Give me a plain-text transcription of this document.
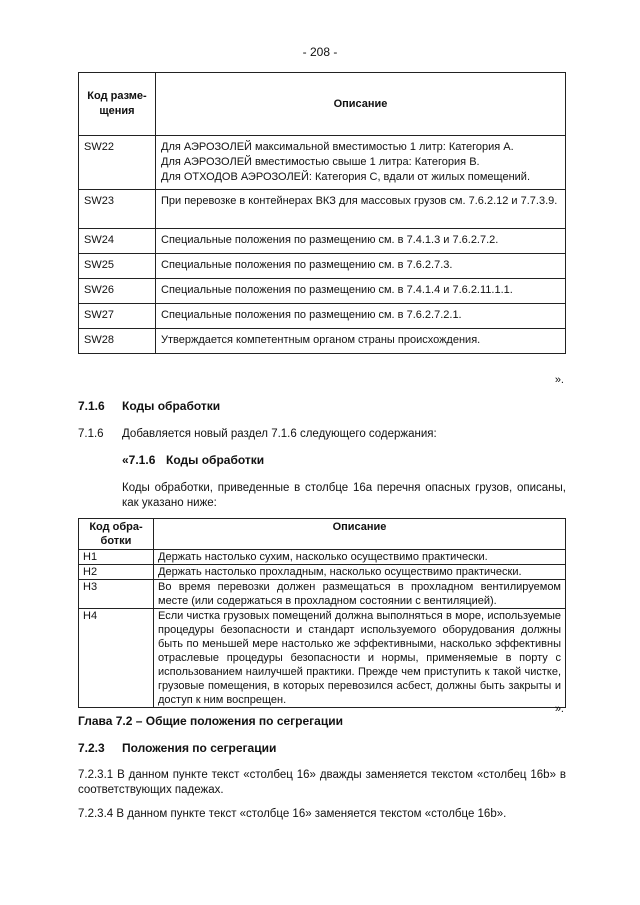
- 208 -
Код разме-щения	Описание
SW22	Для АЭРОЗОЛЕЙ максимальной вместимостью 1 литр: Категория А.
Для АЭРОЗОЛЕЙ вместимостью свыше 1 литра: Категория В.
Для ОТХОДОВ АЭРОЗОЛЕЙ: Категория С, вдали от жилых помещений.

SW23	При перевозке в контейнерах ВКЗ для массовых грузов см. 7.6.2.12 и 7.7.3.9.
SW24	Специальные положения по размещению см. в 7.4.1.3 и 7.6.2.7.2.
SW25	Специальные положения по размещению см. в 7.6.2.7.3.
SW26	Специальные положения по размещению см. в 7.4.1.4 и 7.6.2.11.1.1.
SW27	Специальные положения по размещению см. в 7.6.2.7.2.1.
SW28	Утверждается компетентным органом страны происхождения.
».
7.1.6 Коды обработки
7.1.6 Добавляется новый раздел 7.1.6 следующего содержания:
«7.1.6 Коды обработки
Коды обработки, приведенные в столбце 16а перечня опасных грузов, описаны, как указано ниже:
Код обра-ботки	Описание
H1	Держать настолько сухим, насколько осуществимо практически.
H2	Держать настолько прохладным, насколько осуществимо практически.
H3	Во время перевозки должен размещаться в прохладном вентилируемом месте (или содержаться в прохладном состоянии с вентиляцией).
H4	Если чистка грузовых помещений должна выполняться в море, используемые процедуры безопасности и стандарт используемого оборудования должны быть по меньшей мере настолько же эффективными, насколько эффективны отраслевые процедуры безопасности и нормы, применяемые в порту с использованием наилучшей практики. Прежде чем приступить к такой чистке, грузовые помещения, в которых перевозился асбест, должны быть закрыты и доступ к ним воспрещен.
».
Глава 7.2 – Общие положения по сегрегации
7.2.3 Положения по сегрегации
7.2.3.1 В данном пункте текст «столбец 16» дважды заменяется текстом «столбец 16b» в соответствующих падежах.
7.2.3.4 В данном пункте текст «столбце 16» заменяется текстом «столбце 16b».
